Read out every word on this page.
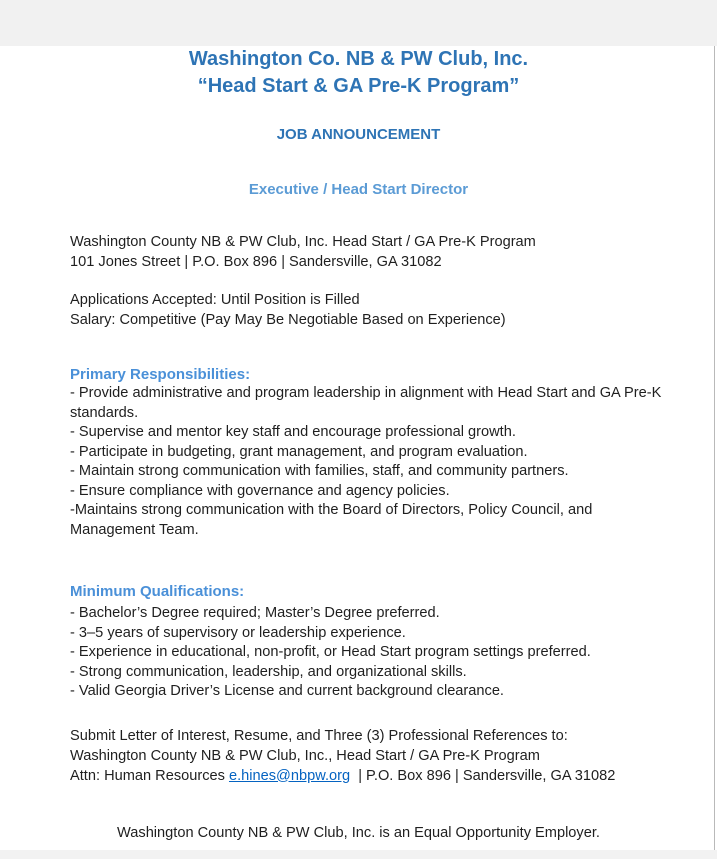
Washington Co. NB & PW Club, Inc.
“Head Start & GA Pre-K Program”
JOB ANNOUNCEMENT
Executive / Head Start Director

Washington County NB & PW Club, Inc. Head Start / GA Pre-K Program

101 Jones Street | P.O. Box 896 | Sandersville, GA 31082

Applications Accepted: Until Position is Filled

Salary: Competitive (Pay May Be Negotiable Based on Experience)

Primary Responsibilities:

- Provide administrative and program leadership in alignment with Head Start and GA Pre-K standards.

- Supervise and mentor key staff and encourage professional growth.

- Participate in budgeting, grant management, and program evaluation.

- Maintain strong communication with families, staff, and community partners.

- Ensure compliance with governance and agency policies.

-Maintains strong communication with the Board of Directors, Policy Council, and Management Team.

Minimum Qualifications:

- Bachelor’s Degree required; Master’s Degree preferred.

- 3–5 years of supervisory or leadership experience.

- Experience in educational, non-profit, or Head Start program settings preferred.

- Strong communication, leadership, and organizational skills.

- Valid Georgia Driver’s License and current background clearance.

Submit Letter of Interest, Resume, and Three (3) Professional References to:

Washington County NB & PW Club, Inc., Head Start / GA Pre-K Program

Attn: Human Resources e.hines@nbpw.org  | P.O. Box 896 | Sandersville, GA 31082

Washington County NB & PW Club, Inc. is an Equal Opportunity Employer.
